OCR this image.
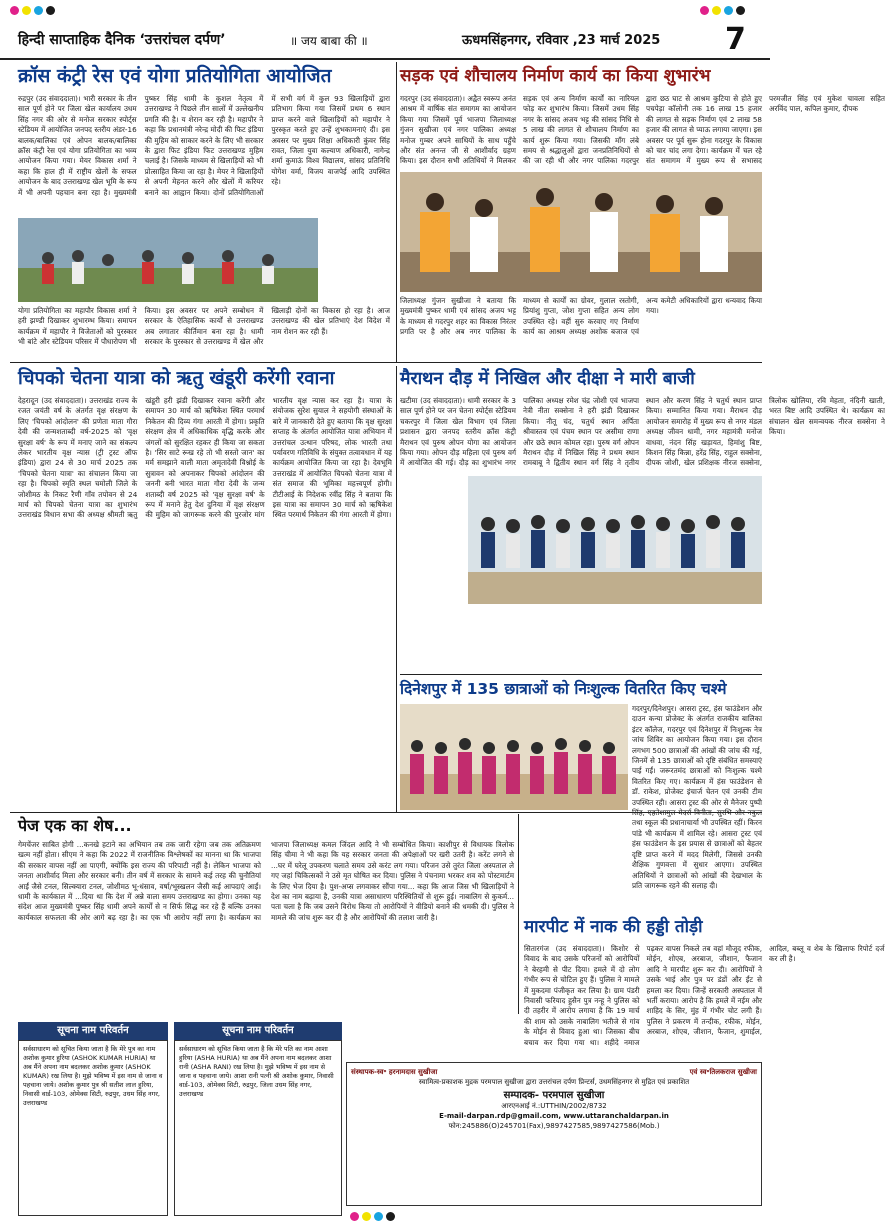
हिन्दी साप्ताहिक दैनिक ‘उत्तरांचल दर्पण’	॥ जय बाबा की ॥	ऊधमसिंहनगर, रविवार ,23 मार्च 2025 7
क्रॉस कंट्री रेस एवं योगा प्रतियोगिता आयोजित
रुद्रपुर (उद संवाददाता)। भारी सरकार के तीन साल पूर्ण होने पर जिला खेल कार्यालय उधम सिंह नगर की ओर से मनोज सरकार स्पोर्ट्स स्टेडियम में आयोजित जनपद स्तरीय अंडर-16 बालक/बालिका एवं ओपन बालक/बालिका क्रॉस कंट्री रेस एवं योगा प्रतियोगिता का भव्य आयोजन किया गया। मेयर विकास शर्मा ने कहा कि हाल ही में राष्ट्रीय खेलों के सफल आयोजन के बाद उत्तराखण्ड खेल भूमि के रूप में भी अपनी पहचान बना रहा है। मुख्यमंत्री पुष्कर सिंह धामी के कुशल नेतृत्व में उत्तराखण्ड ने पिछले तीन सालों में उल्लेखनीय प्रगति की है। य शेरान कर रही है। महापौर ने कहा कि प्रधानमंत्री नरेन्द्र मोदी की फिट इंडिया की मुहिम को साकार करने के लिए भी सरकार के द्वारा फिट इंडिया फिट उत्तराखण्ड मुहिम चलाई है। जिसके माध्यम से खिलाड़ियों को भी प्रोत्साहित किया जा रहा है। मेयर ने खिलाड़ियों से अपनी मेहनत करने और खेलों में करियर बनाने का आह्वान किया। दोनों प्रतियोगिताओं में सभी वर्ग में कुल 93 खिलाड़ियों द्वारा प्रतिभाग किया गया जिसमें प्रथम 6 स्थान प्राप्त करने वाले खिलाड़ियों को महापौर ने पुरस्कृत करते हुए उन्हें शुभकामनाएं दी। इस अवसर पर मुख्य शिक्षा अधिकारी कुंवर सिंह रावत, जिला युवा कल्याण अधिकारी, नागेन्द्र शर्मा कुमाऊं विश्व विद्यालय, सांसद प्रतिनिधि योगेश वर्मा, विजय वाजपेई आदि उपस्थित रहे।
योगा प्रतियोगिता का महापौर विकास शर्मा ने हरी झण्डी दिखाकर शुभारम्भ किया। समापन कार्यक्रम में महापौर ने विजेताओं को पुरस्कार भी बांटे और स्टेडियम परिसर में पौधारोपण भी किया। इस अवसर पर अपने सम्बोधन में सरकार के ऐतिहासिक कार्यों से उत्तराखण्ड अब लगातार कीर्तिमान बना रहा है। धामी सरकार के पुरस्कार से उत्तराखण्ड में खेल और खिलाड़ी दोनों का विकास हो रहा है। आज उत्तराखण्ड की खेल प्रतिभाएं देश विदेश में नाम रोशन कर रही हैं।
सड़क एवं शौचालय निर्माण कार्य का किया शुभारंभ
गदरपुर (उद संवाददाता)। अद्वैत स्वरूप अनंत आश्रम में वार्षिक संत समागम का आयोजन किया गया जिसमें पूर्व भाजपा जिलाध्यक्ष गुंजन सुखीजा एवं नगर पालिका अध्यक्ष मनोज गुम्बर अपने साथियों के साथ पहुँचे और संत अनन्त जी से आशीर्वाद ग्रहण किया। इस दौरान सभी अतिथियों ने मिलकर सड़क एवं अन्य निर्माण कार्यों का नारियल फोड़ कर शुभारंभ किया। जिसमें उधम सिंह नगर के सांसद अजय भट्ट की सांसद निधि से 5 लाख की लागत से शौचालय निर्माण का कार्य शुरू किया गया। जिसकी माँग लंबे समय से श्रद्धालुओं द्वारा जनप्रतिनिधियों से की जा रही थी और नगर पालिका गदरपुर द्वारा छठ घाट से आश्रम कुटिया से होते हुए पचपेड़ा कॉलोनी तक 16 लाख 15 हजार की लागत से सड़क निर्माण एवं 2 लाख 58 हजार की लागत से प्याऊ लगाया जाएगा। इस अवसर पर पूर्व सुरू होना गदरपुर के विकास को चार चांद लगा देगा। कार्यक्रम में चल रहे संत समागम में मुख्य रूप से सभासद परमजीत सिंह एवं मुकेश चावला सहित अरविंद पाल, कपिल कुमार, दीपक
जिलाध्यक्ष गुंजन सुखीजा ने बताया कि मुख्यमंत्री पुष्कर धामी एवं सांसद अजय भट्ट के माध्यम से गदरपुर शहर का विकास निरंतर प्रगति पर है और अब नगर पालिका के माध्यम से कार्यों का ग्रोवर, गुलाल रस्तोगी, प्रियांशु गुप्ता, जोश गुप्ता सहित अन्य लोग उपस्थित रहे। वहीं सुरु करवाए गए निर्माण कार्य का आश्रम अध्यक्ष अशोक बजाज एवं अन्य कमेटी अधिकारियों द्वारा धन्यवाद किया गया।
चिपको चेतना यात्रा को ऋतु खंडूरी करेंगी रवाना
देहरादून (उद संवाददाता)। उत्तराखंड राज्य के रजत जयंती वर्ष के अंतर्गत वृक्ष संरक्षण के लिए 'चिपको आंदोलन' की प्रणेता माता गौरा देवी की जन्मशताब्दी वर्ष-2025 को 'वृक्ष सुरक्षा वर्ष' के रूप में मनाए जाने का संकल्प लेकर भारतीय वृक्ष न्यास (ट्री ट्रस्ट ऑफ इंडिया) द्वारा 24 से 30 मार्च 2025 तक 'चिपको चेतना यात्रा' का संचालन किया जा रहा है। चिपको स्मृति स्थल चमोली जिले के जोशीमठ के निकट रैणी गाँव तपोवन से 24 मार्च को चिपको चेतना यात्रा का शुभारंभ उत्तराखंड विधान सभा की अध्यक्ष श्रीमती ऋतु खंडूरी हरी झंडी दिखाकर रवाना करेंगी और समापन 30 मार्च को ऋषिकेश स्थित परमार्थ निकेतन की दिव्य गंगा आरती में होगा। प्रकृति संरक्षण क्षेत्र में अधिकाधिक वृद्धि करके और जंगलों को सुरक्षित रहकर ही किया जा सकता है। 'सिर साटे रूख रहे तो भी सस्तो जान' का मर्म समझाने वाली माता अमृतादेवी विश्नोई के सुत्रावन को अपनाकर चिपको आंदोलन की जननी बनी भारत माता गौरा देवी के जन्म शताब्दी वर्ष 2025 को 'वृक्ष सुरक्षा वर्ष' के रूप में मनाने हेतु देश दुनिया में वृक्ष संरक्षण की मुहिम को जागरूक करने की पुरजोर मांग भारतीय वृक्ष न्यास कर रहा है। यात्रा के संयोजक सुरेश सुयाल ने सहयोगी संस्थाओं के बारे में जानकारी देते हुए बताया कि वृक्ष सुरक्षा सप्ताह के अंतर्गत आयोजित यात्रा अभियान में उत्तरांचल उत्थान परिषद, लोक भारती तथा पर्यावरण गतिविधि के संयुक्त तत्वावधान में यह कार्यक्रम आयोजित किया जा रहा है। देवभूमि उत्तराखंड में आयोजित चिपको चेतना यात्रा में संत समाज की भूमिका महत्त्वपूर्ण होगी। टीटीआई के निदेशक रवींद्र सिंह ने बताया कि इस यात्रा का समापन 30 मार्च को ऋषिकेश स्थित परमार्थ निकेतन की गंगा आरती में होगा।
मैराथन दौड़ में निखिल और दीक्षा ने मारी बाजी
खटीमा (उद संवाददाता)। धामी सरकार के 3 साल पूर्ण होने पर जन चेतना स्पोर्ट्स स्टेडियम चकरपुर में जिला खेल विभाग एवं जिला प्रशासन द्वारा जनपद स्तरीय क्रॉस कंट्री मैराथन एवं पुरुष ओपन योगा का आयोजन किया गया। ओपन दौड़ महिला एवं पुरुष वर्ग में आयोजित की गई। दौड़ का शुभारंभ नगर पालिका अध्यक्ष रमेश चंद्र जोशी एवं भाजपा नेत्री नीता सक्सेना ने हरी झंडी दिखाकर किया। नीतू चंद, चतुर्थ स्थान अर्पिता श्रीवास्तव एवं पंचम स्थान पर असीमा राणा और छठे स्थान कोमल रहा। पुरुष वर्ग ओपन मैराथन दौड़ में निखिल सिंह ने प्रथम स्थान रामबाबू ने द्वितीय स्थान वर्ग सिंह ने तृतीय स्थान और करण सिंह ने चतुर्थ स्थान प्राप्त किया। सम्मानित किया गया। मैराथन दौड़ आयोजन समारोह में मुख्य रूप से नगर मंडल अध्यक्ष जीवन धामी, नगर महामंत्री मनोज वाधवा, नंदन सिंह खड़ायत, हिमांशु बिष्ट, किशन सिंह किन्ना, हरेंद्र सिंह, राहुल सक्सेना, दीपक जोशी, खेल प्रशिक्षक नीरज सक्सेना, त्रिलोक खोलिया, रवि मेहता, नंदिनी खाती, भरत बिष्ट आदि उपस्थित थे। कार्यक्रम का संचालन खेल समन्वयक नीरज सक्सेना ने किया।
दिनेशपुर में 135 छात्राओं को निःशुल्क वितरित किए चश्मे
गदरपुर/दिनेशपुर। आसरा ट्रस्ट, हंस फाउंडेशन और दाउन कन्या प्रोजेक्ट के अंतर्गत राजकीय बालिका इंटर कॉलेज, गदरपुर एवं दिनेशपुर में निःशुल्क नेत्र जांच शिविर का आयोजन किया गया। इस दौरान लगभग 500 छात्राओं की आंखों की जांच की गई, जिनमें से 135 छात्राओं को दृष्टि संबंधित समस्याएं पाई गईं। जरूरतमंद छात्राओं को निःशुल्क चश्मे वितरित किए गए। कार्यक्रम में हंस फाउंडेशन से डॉ. राकेश, प्रोजेक्ट इंचार्ज चेतन एवं उनकी टीम उपस्थित रही। आसरा ट्रस्ट की ओर से मैनेजर पुष्पी तथा स्कूल की प्रधानाचार्या भी उपस्थित रहीं। किरन पांडे भी कार्यक्रम में शामिल रहे। आसरा ट्रस्ट एवं हंस फाउंडेशन के इस प्रयास से छात्राओं को बेहतर दृष्टि प्राप्त करने में मदद मिलेगी, जिससे उनकी शैक्षिक गुणवत्ता में सुधार आएगा। उपस्थित अतिथियों ने छात्राओं को आंखों की देखभाल के प्रति जागरूक रहने की सलाह दी।
पेज एक का शेष...
गेमचेंजर साबित होगी ...कनखे हटाने का अभियान तब तक जारी रहेगा जब तक अतिक्रमण खत्म नहीं होता। सीएम ने कहा कि 2022 में राजनीतिक विश्लेषकों का मानना था कि भाजपा की सरकार वापस नहीं आ पाएगी, क्योंकि इस राज्य की परिपाटी नहीं है। लेकिन भाजपा को जनता आशीर्वाद मिला और सरकार बनी। तीन वर्ष में सरकार के सामने कई तरह की चुनौतियां आईं जैसे टनल, सिल्क्यारा टनल, जोशीमठ भू-धंसाव, वर्षा/भूस्खलन जैसी कई आपदाएं आईं। धामी के कार्यकाल में ...दिया था कि देश में अन्ने वाला समय उत्तराखण्ड का होगा। उनका यह संदेश आज मुख्यमंत्री पुष्कर सिंह धामी अपने कार्यों से न सिर्फ सिद्ध कर रहे हैं बल्कि उनका कार्यकाल सफलता की ओर आगे बढ़ रहा है। का एक भी आरोप नहीं लगा है। कार्यक्रम का भाजपा जिलाध्यक्ष कमल जिंदल आदि ने भी सम्बोधित किया। काशीपुर से विधायक त्रिलोक सिंह चीमा ने भी कहा कि यह सरकार जनता की अपेक्षाओं पर खरी उतरी है। करेंट लगने से ...घर में घरेलू उपकरण चलाते समय उसे करंट लग गया। परिजन उसे तुरंत जिला अस्पताल ले गए जहां चिकित्सकों ने उसे मृत घोषित कर दिया। पुलिस ने पंचनामा भरकर शव को पोस्टमार्टम के लिए भेज दिया है। पुश-अप्स लगवाकर सौंपा गया... कहा कि आज जिस भी खिलाड़ियों ने देश का नाम बढ़ाया है, उनकी यात्रा असाधारण परिस्थितियों से शुरू हुई। नाबालिग से कुकर्म... पता चला है कि जब उसने विरोध किया तो आरोपियों ने वीडियो बनाने की धमकी दी। पुलिस ने मामले की जांच शुरू कर दी है और आरोपियों की तलाश जारी है।
सूचना नाम परिवर्तन
सर्वसाधारण को सूचित किया जाता है कि मेरे पुत्र का नाम अशोक कुमार हुरिया (ASHOK KUMAR HURIA) था अब मैंने अपना नाम बदलकर अशोक कुमार (ASHOK KUMAR) रख लिया है। मुझे भविष्य में इस नाम से जाना व पहचाना जाये। अशोक कुमार पुत्र श्री सतीश लाल हुरिया, निवासी वार्ड-103, ओमेक्स सिटी, रुद्रपुर, उधम सिंह नगर, उत्तराखण्ड
सूचना नाम परिवर्तन
सर्वसाधारण को सूचित किया जाता है कि मेरे पति का नाम आशा हुरिया (ASHA HURIA) था अब मैंने अपना नाम बदलकर आशा रानी (ASHA RANI) रख लिया है। मुझे भविष्य में इस नाम से जाना व पहचाना जाये। आशा रानी पत्नी श्री अशोक कुमार, निवासी वार्ड-103, ओमेक्स सिटी, रुद्रपुर, जिला उधम सिंह नगर, उत्तराखण्ड
मारपीट में नाक की हड्डी तोड़ी
सितारगंज (उद संवाददाता)। किशोर से विवाद के बाद उसके परिजनों को आरोपियों ने बेरहमी से पीट दिया। हमले में दो लोग गंभीर रूप से चोटिल हुए हैं। पुलिस ने मामले में मुकदमा पंजीकृत कर लिया है। ग्राम पंडरी निवासी फरियाद हुसैन पुत्र नन्हू ने पुलिस को दी तहरीर में आरोप लगाया है कि 19 मार्च की शाम को उसके नाबालिग भतीजे से गांव के मोईन से विवाद हुआ था। जिसका बीच बचाव कर दिया गया था। शहीदे नमाज पढ़कर वापस निकले तब वहां मौजूद रफीक, मोईन, शोएब, अरबाज, जीशान, फैजान आदि ने मारपीट शुरू कर दी। आरोपियों ने उसके भाई और पुत्र पर डंडों और ईंट से हमला कर दिया। जिन्हें सरकारी अस्पताल में भर्ती कराया। आरोप है कि हमले में नईम और शाहिद के सिर, मुंह में गंभीर चोट लगी हैं। पुलिस ने प्रकरण में तन्दीक, रफीक, मोईन, अरबाज, शोएब, जीशान, फैजान, शुमाईल, आदिल, बब्लू व शेब के खिलाफ रिपोर्ट दर्ज कर ली है।
संस्थापक-स्व॰ हरनामदास सुखीजा	एवं स्व॰तिलकराज सुखीजा
स्वामित्व-प्रकाशक मुद्रक परमपाल सुखीजा द्वारा उत्तरांचल दर्पण प्रिन्टर्स, उधमसिंहनगर से मुद्रित एवं प्रकाशित
सम्पादक- परमपाल सुखीजा
आरएनआई नं.:UTTHIN/2002/8732
E-mail-darpan.rdp@gmail.com, www.uttaranchaldarpan.in
फोन:245886(O)245701(Fax),9897427585,9897427586(Mob.)
